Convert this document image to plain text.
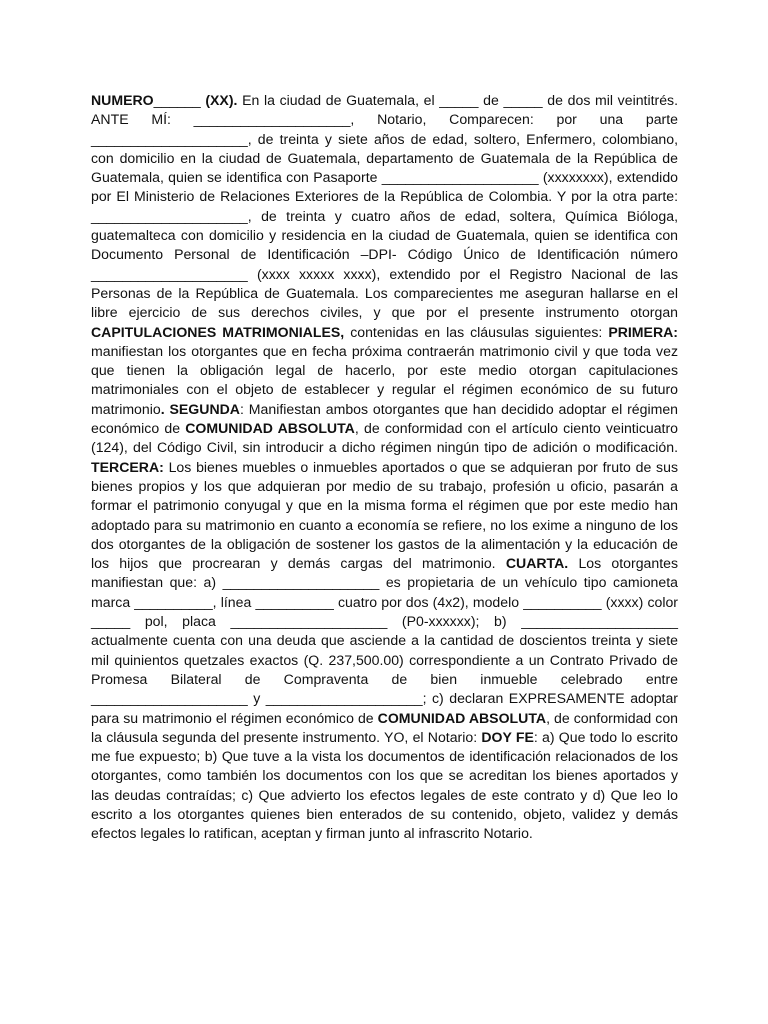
NUMERO______ (XX). En la ciudad de Guatemala, el _____ de _____ de dos mil veintitrés. ANTE MÍ: ____________________, Notario, Comparecen: por una parte ____________________, de treinta y siete años de edad, soltero, Enfermero, colombiano, con domicilio en la ciudad de Guatemala, departamento de Guatemala de la República de Guatemala, quien se identifica con Pasaporte ____________________ (xxxxxxxx), extendido por El Ministerio de Relaciones Exteriores de la República de Colombia. Y por la otra parte: ____________________, de treinta y cuatro años de edad, soltera, Química Bióloga, guatemalteca con domicilio y residencia en la ciudad de Guatemala, quien se identifica con Documento Personal de Identificación –DPI- Código Único de Identificación número ____________________ (xxxx xxxxx xxxx), extendido por el Registro Nacional de las Personas de la República de Guatemala. Los comparecientes me aseguran hallarse en el libre ejercicio de sus derechos civiles, y que por el presente instrumento otorgan CAPITULACIONES MATRIMONIALES, contenidas en las cláusulas siguientes: PRIMERA: manifiestan los otorgantes que en fecha próxima contraerán matrimonio civil y que toda vez que tienen la obligación legal de hacerlo, por este medio otorgan capitulaciones matrimoniales con el objeto de establecer y regular el régimen económico de su futuro matrimonio. SEGUNDA: Manifiestan ambos otorgantes que han decidido adoptar el régimen económico de COMUNIDAD ABSOLUTA, de conformidad con el artículo ciento veinticuatro (124), del Código Civil, sin introducir a dicho régimen ningún tipo de adición o modificación. TERCERA: Los bienes muebles o inmuebles aportados o que se adquieran por fruto de sus bienes propios y los que adquieran por medio de su trabajo, profesión u oficio, pasarán a formar el patrimonio conyugal y que en la misma forma el régimen que por este medio han adoptado para su matrimonio en cuanto a economía se refiere, no los exime a ninguno de los dos otorgantes de la obligación de sostener los gastos de la alimentación y la educación de los hijos que procrearan y demás cargas del matrimonio. CUARTA. Los otorgantes manifiestan que: a) ____________________ es propietaria de un vehículo tipo camioneta marca __________, línea __________ cuatro por dos (4x2), modelo __________ (xxxx) color _____ pol, placa ____________________ (P0-xxxxxx); b) ____________________ actualmente cuenta con una deuda que asciende a la cantidad de doscientos treinta y siete mil quinientos quetzales exactos (Q. 237,500.00) correspondiente a un Contrato Privado de Promesa Bilateral de Compraventa de bien inmueble celebrado entre ____________________ y ____________________; c) declaran EXPRESAMENTE adoptar para su matrimonio el régimen económico de COMUNIDAD ABSOLUTA, de conformidad con la cláusula segunda del presente instrumento. YO, el Notario: DOY FE: a) Que todo lo escrito me fue expuesto; b) Que tuve a la vista los documentos de identificación relacionados de los otorgantes, como también los documentos con los que se acreditan los bienes aportados y las deudas contraídas; c) Que advierto los efectos legales de este contrato y d) Que leo lo escrito a los otorgantes quienes bien enterados de su contenido, objeto, validez y demás efectos legales lo ratifican, aceptan y firman junto al infrascrito Notario.
